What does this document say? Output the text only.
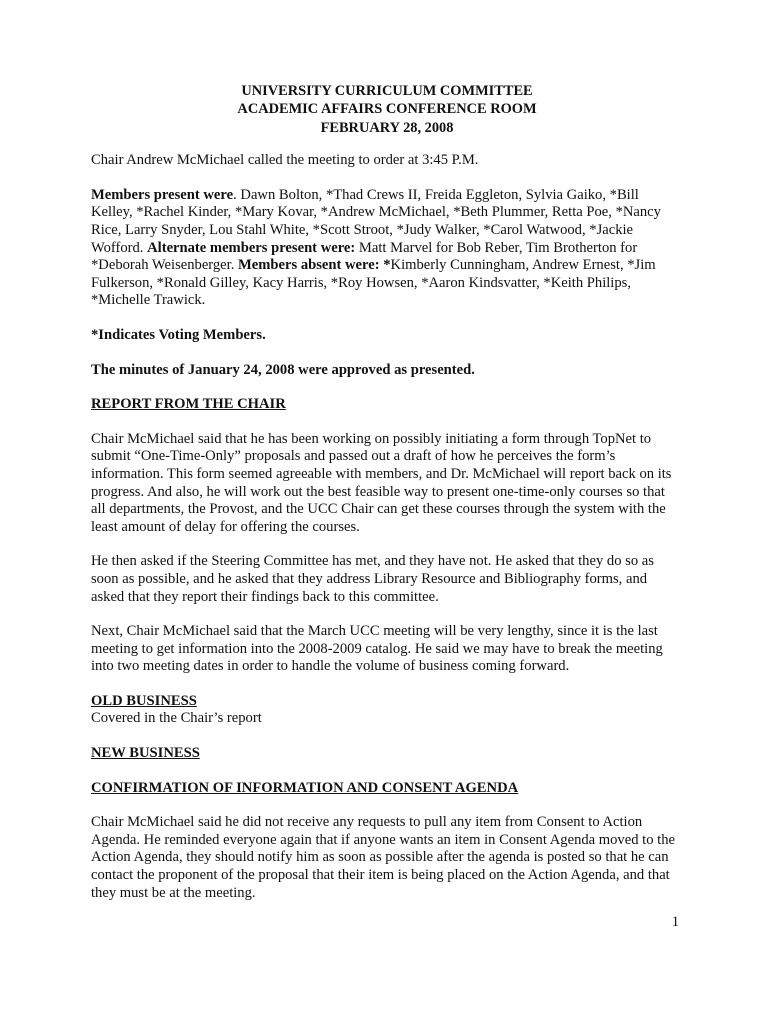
UNIVERSITY CURRICULUM COMMITTEE
ACADEMIC AFFAIRS CONFERENCE ROOM
FEBRUARY 28, 2008

Chair Andrew McMichael called the meeting to order at 3:45 P.M.

Members present were. Dawn Bolton, *Thad Crews II, Freida Eggleton, Sylvia Gaiko, *Bill Kelley, *Rachel Kinder, *Mary Kovar, *Andrew McMichael, *Beth Plummer, Retta Poe, *Nancy Rice, Larry Snyder, Lou Stahl White, *Scott Stroot, *Judy Walker, *Carol Watwood, *Jackie Wofford. Alternate members present were: Matt Marvel for Bob Reber, Tim Brotherton for *Deborah Weisenberger. Members absent were: *Kimberly Cunningham, Andrew Ernest, *Jim Fulkerson, *Ronald Gilley, Kacy Harris, *Roy Howsen, *Aaron Kindsvatter, *Keith Philips, *Michelle Trawick.

*Indicates Voting Members.

The minutes of January 24, 2008 were approved as presented.

REPORT FROM THE CHAIR

Chair McMichael said that he has been working on possibly initiating a form through TopNet to submit “One-Time-Only” proposals and passed out a draft of how he perceives the form’s information. This form seemed agreeable with members, and Dr. McMichael will report back on its progress. And also, he will work out the best feasible way to present one-time-only courses so that all departments, the Provost, and the UCC Chair can get these courses through the system with the least amount of delay for offering the courses.

He then asked if the Steering Committee has met, and they have not. He asked that they do so as soon as possible, and he asked that they address Library Resource and Bibliography forms, and asked that they report their findings back to this committee.

Next, Chair McMichael said that the March UCC meeting will be very lengthy, since it is the last meeting to get information into the 2008-2009 catalog. He said we may have to break the meeting into two meeting dates in order to handle the volume of business coming forward.

OLD BUSINESS

Covered in the Chair’s report

NEW BUSINESS
CONFIRMATION OF INFORMATION AND CONSENT AGENDA

Chair McMichael said he did not receive any requests to pull any item from Consent to Action Agenda. He reminded everyone again that if anyone wants an item in Consent Agenda moved to the Action Agenda, they should notify him as soon as possible after the agenda is posted so that he can contact the proponent of the proposal that their item is being placed on the Action Agenda, and that they must be at the meeting.

1
